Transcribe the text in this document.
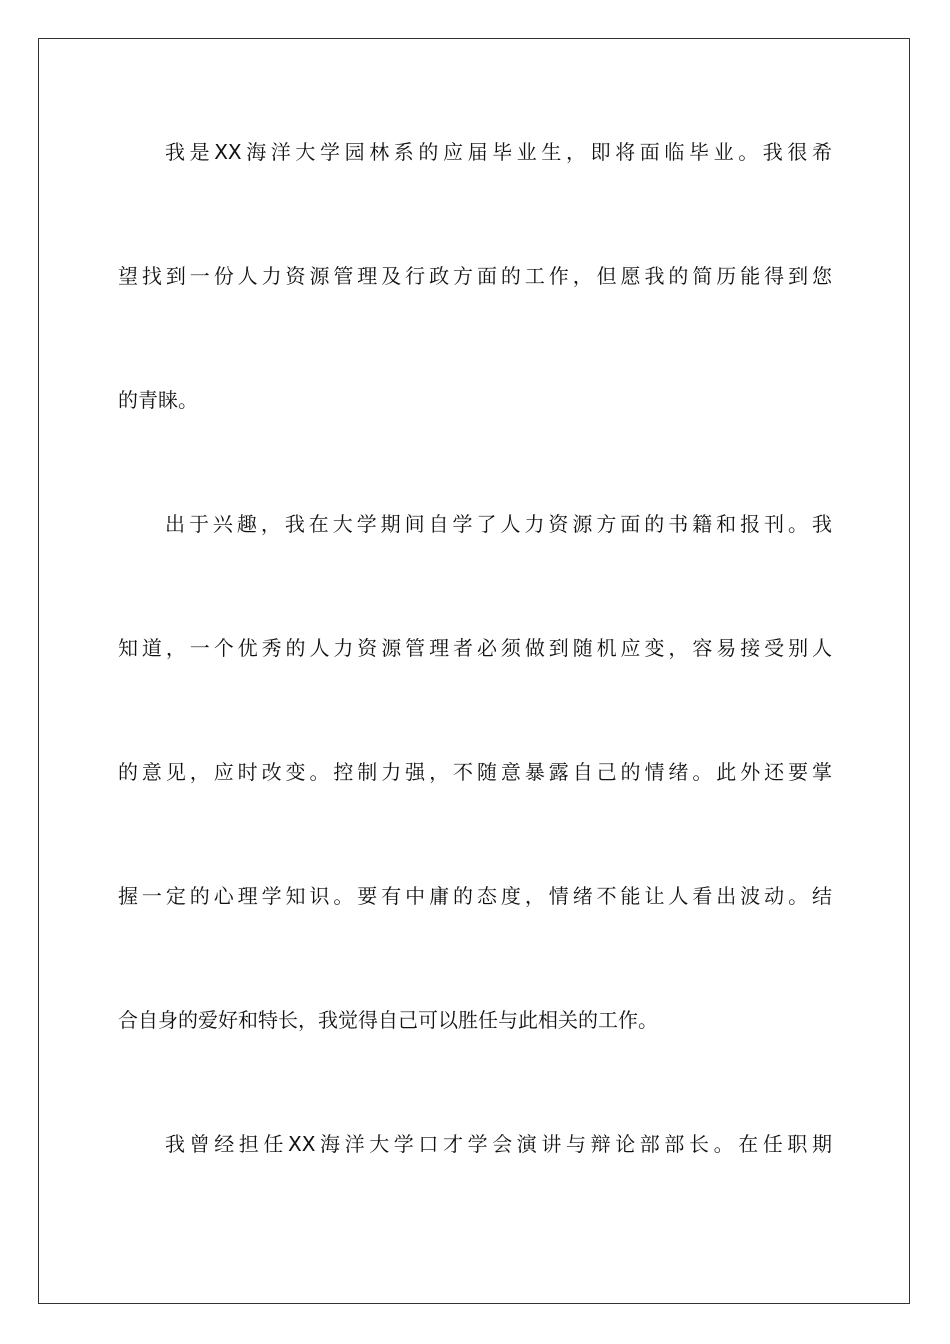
我是XX海洋大学园林系的应届毕业生，即将面临毕业。我很希
望找到一份人力资源管理及行政方面的工作，但愿我的简历能得到您
的青睐。
出于兴趣，我在大学期间自学了人力资源方面的书籍和报刊。我
知道，一个优秀的人力资源管理者必须做到随机应变，容易接受别人
的意见，应时改变。控制力强，不随意暴露自己的情绪。此外还要掌
握一定的心理学知识。要有中庸的态度，情绪不能让人看出波动。结
合自身的爱好和特长，我觉得自己可以胜任与此相关的工作。
我曾经担任XX海洋大学口才学会演讲与辩论部部长。在任职期
